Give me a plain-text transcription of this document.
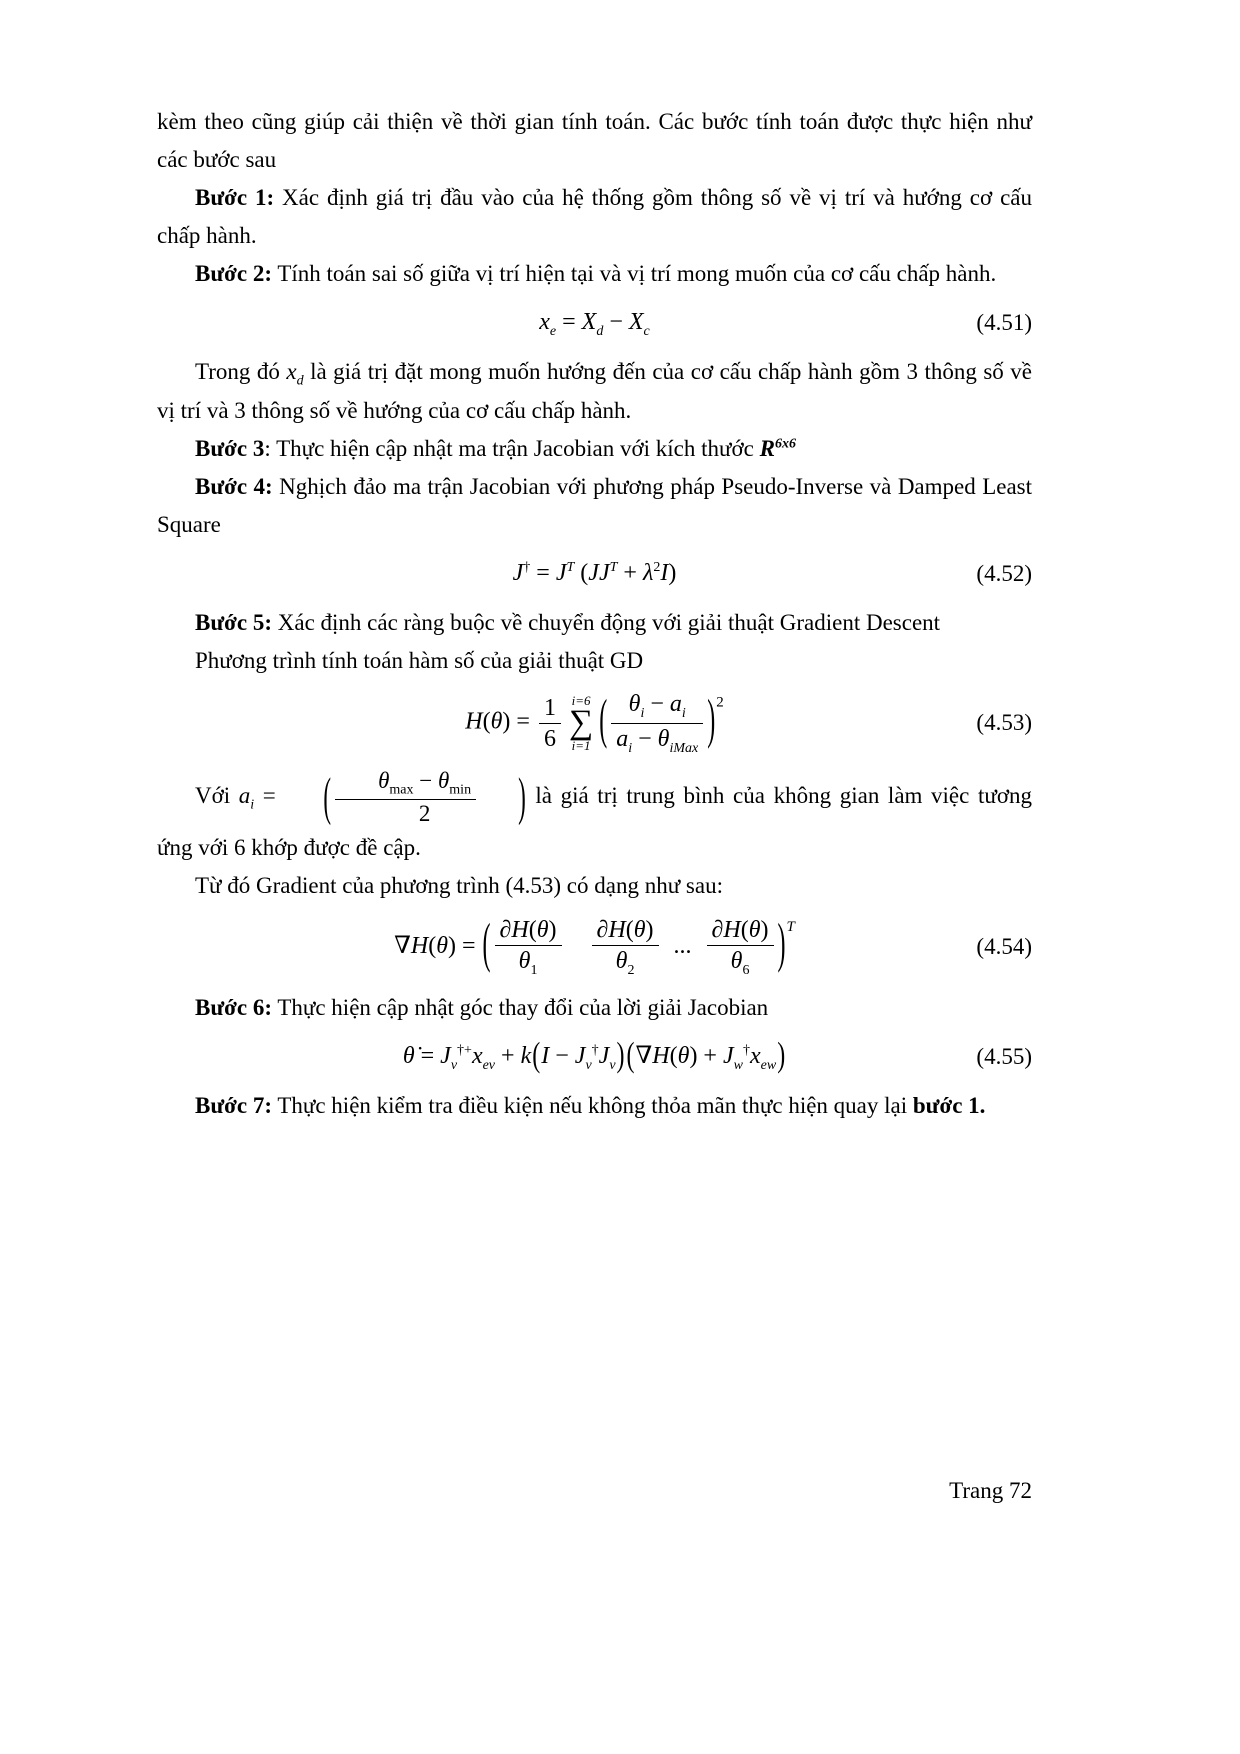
kèm theo cũng giúp cải thiện về thời gian tính toán. Các bước tính toán được thực hiện như các bước sau

Bước 1: Xác định giá trị đầu vào của hệ thống gồm thông số về vị trí và hướng cơ cấu chấp hành.

Bước 2: Tính toán sai số giữa vị trí hiện tại và vị trí mong muốn của cơ cấu chấp hành.

$x_e = X_d - X_c$	(4.51)

Trong đó $x_d$ là giá trị đặt mong muốn hướng đến của cơ cấu chấp hành gồm 3 thông số về vị trí và 3 thông số về hướng của cơ cấu chấp hành.

Bước 3: Thực hiện cập nhật ma trận Jacobian với kích thước $R^{6x6}$

Bước 4: Nghịch đảo ma trận Jacobian với phương pháp Pseudo-Inverse và Damped Least Square

$J^\dagger = J^T$ $(JJ^T + \lambda^2I)$	(4.52)

Bước 5: Xác định các ràng buộc về chuyển động với giải thuật Gradient Descent

Phương trình tính toán hàm số của giải thuật GD

$H(\theta) = \frac{1}{6} i=6$
∑
i=1 ( $\frac{\theta_i - a_i}{a_i - \theta_{iMax}} )^2$
(4.53)

Với $a_i$ = ( $\frac{\theta_{max} - \theta_{min}}{2}$ ) là giá trị trung bình của không gian làm việc tương ứng với 6 khớp được đề cập.

Từ đó Gradient của phương trình (4.53) có dạng như sau:

∇H(θ) = ( $\frac{\partial H(\theta)}{\theta_1} \frac{\partial H(\theta)}{\theta_2}$ ... $\frac{\partial H(\theta)}{\theta_6} )^T$
(4.54)

Bước 6: Thực hiện cập nhật góc thay đổi của lời giải Jacobian

θ̇ = $J_v^{\dagger+}x_{ev} + k(I - J_v^\dagger J_v)(\nabla H(\theta) + J_w^\dagger x_{ew})$	(4.55)

Bước 7: Thực hiện kiểm tra điều kiện nếu không thỏa mãn thực hiện quay lại bước 1.

Trang 72
